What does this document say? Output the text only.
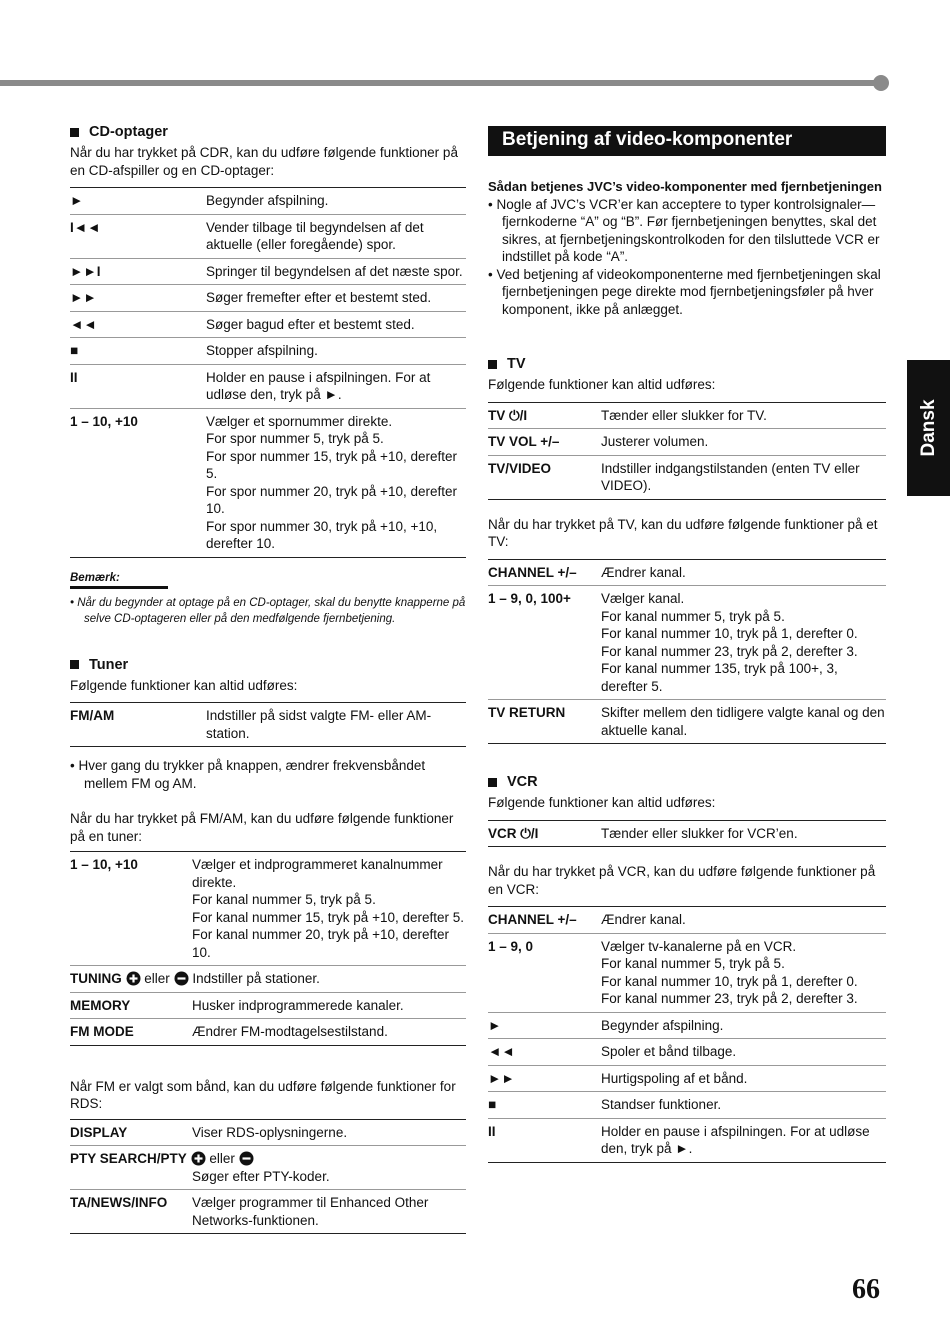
CD-optager

Når du har trykket på CDR, kan du udføre følgende funktioner på en CD-afspiller og en CD-optager:

►	Begynder afspilning.
I◄◄	Vender tilbage til begyndelsen af det aktuelle (eller foregående) spor.
►►I	Springer til begyndelsen af det næste spor.
►►	Søger fremefter efter et bestemt sted.
◄◄	Søger bagud efter et bestemt sted.
■	Stopper afspilning.
II	Holder en pause i afspilningen. For at udløse den, tryk på ►.
1 – 10, +10	Vælger et spornummer direkte.
For spor nummer 5, tryk på 5.
For spor nummer 15, tryk på +10, derefter 5.
For spor nummer 20, tryk på +10, derefter 10.
For spor nummer 30, tryk på +10, +10, derefter 10.
Bemærk:

• Når du begynder at optage på en CD-optager, skal du benytte knapperne på selve CD-optageren eller på den medfølgende fjernbetjening.

Tuner

Følgende funktioner kan altid udføres:

FM/AM	Indstiller på sidst valgte FM- eller AM-station.

• Hver gang du trykker på knappen, ændrer frekvensbåndet mellem FM og AM.

Når du har trykket på FM/AM, kan du udføre følgende funktioner på en tuner:

1 – 10, +10	Vælger et indprogrammeret kanalnummer direkte.
For kanal nummer 5, tryk på 5.
For kanal nummer 15, tryk på +10, derefter 5.
For kanal nummer 20, tryk på +10, derefter 10.
TUNING eller Indstiller på stationer.	
MEMORY	Husker indprogrammerede kanaler.
FM MODE	Ændrer FM-modtagelsestilstand.

Når FM er valgt som bånd, kan du udføre følgende funktioner for RDS:

DISPLAY	Viser RDS-oplysningerne.
PTY SEARCH/PTY eller
Søger efter PTY-koder.	

TA/NEWS/INFO	Vælger programmer til Enhanced Other Networks-funktionen.
Betjening af video-komponenter

Sådan betjenes JVC’s video-komponenter med fjernbetjeningen

• Nogle af JVC’s VCR’er kan acceptere to typer kontrolsignaler—fjernkoderne “A” og “B”. Før fjernbetjeningen benyttes, skal det sikres, at fjernbetjeningskontrolkoden for den tilsluttede VCR er indstillet på kode “A”.

• Ved betjening af videokomponenterne med fjernbetjeningen skal fjernbetjeningen pege direkte mod fjernbetjeningsføler på hver komponent, ikke på anlægget.

TV

Følgende funktioner kan altid udføres:

TV ⏻/I	Tænder eller slukker for TV.
TV VOL +/–	Justerer volumen.
TV/VIDEO	Indstiller indgangstilstanden (enten TV eller VIDEO).

Når du har trykket på TV, kan du udføre følgende funktioner på et TV:

CHANNEL +/–	Ændrer kanal.
1 – 9, 0, 100+	Vælger kanal.
For kanal nummer 5, tryk på 5.
For kanal nummer 10, tryk på 1, derefter 0.
For kanal nummer 23, tryk på 2, derefter 3.
For kanal nummer 135, tryk på 100+, 3, derefter 5.
TV RETURN	Skifter mellem den tidligere valgte kanal og den aktuelle kanal.
VCR

Følgende funktioner kan altid udføres:

VCR ⏻/I	Tænder eller slukker for VCR’en.

Når du har trykket på VCR, kan du udføre følgende funktioner på en VCR:

CHANNEL +/–	Ændrer kanal.
1 – 9, 0	Vælger tv-kanalerne på en VCR.
For kanal nummer 5, tryk på 5.
For kanal nummer 10, tryk på 1, derefter 0.
For kanal nummer 23, tryk på 2, derefter 3.
►	Begynder afspilning.
◄◄	Spoler et bånd tilbage.
►►	Hurtigspoling af et bånd.
■	Standser funktioner.
II	Holder en pause i afspilningen. For at udløse den, tryk på ►.
Dansk
66
